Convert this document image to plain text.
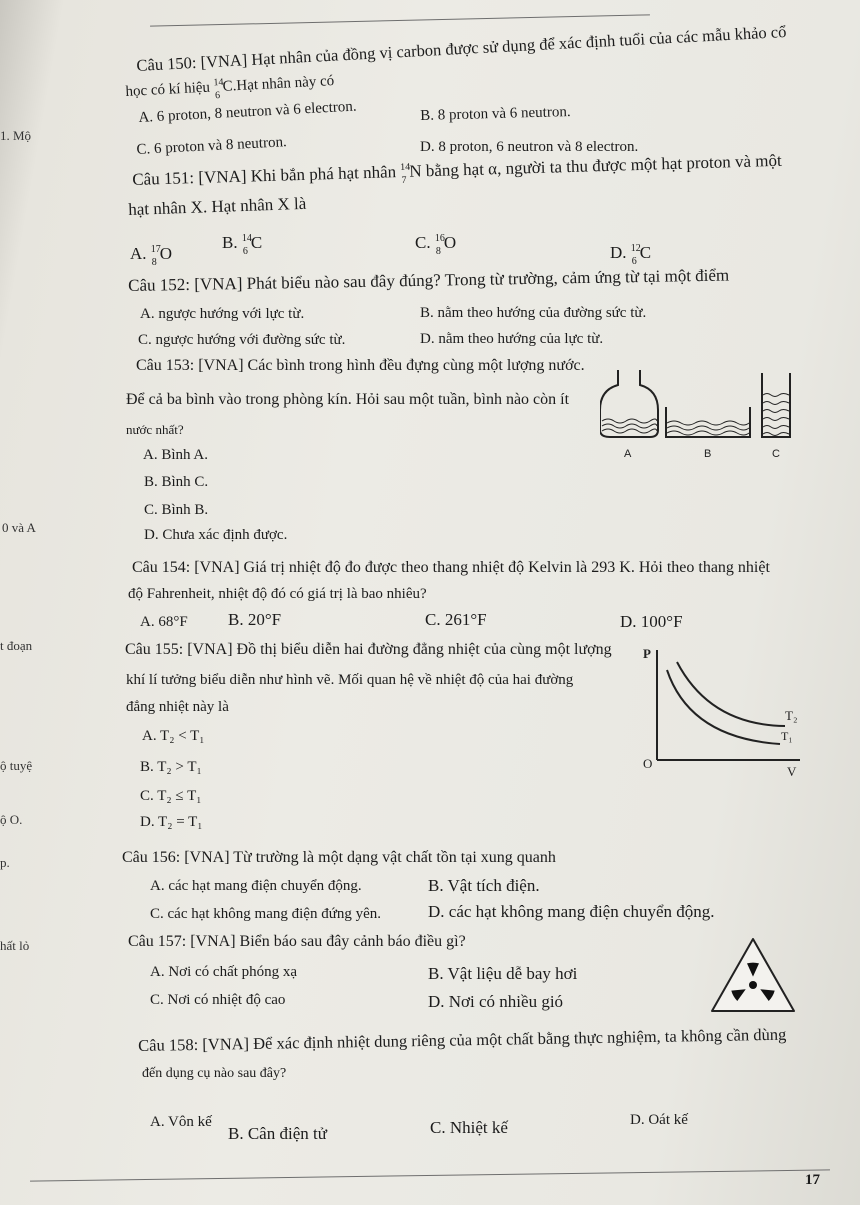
1. Mộ
0 và A
t đoạn
ộ tuyệ
ộ O.
p.
hất lỏ
Câu 150: [VNA] Hạt nhân của đồng vị carbon được sử dụng để xác định tuổi của các mẫu khảo cổ
học có kí hiệu 14
6
C.Hạt nhân này có
A. 6 proton, 8 neutron và 6 electron.	B. 8 proton và 6 neutron.
C. 6 proton và 8 neutron.	D. 8 proton, 6 neutron và 8 electron.
Câu 151: [VNA] Khi bắn phá hạt nhân 14
7 N bằng hạt α, người ta thu được một hạt proton và một
hạt nhân X. Hạt nhân X là
A. 17
8 O
B. 14
6 C	C. 16
8 O
D. 12
6 C
Câu 152: [VNA] Phát biểu nào sau đây đúng? Trong từ trường, cảm ứng từ tại một điểm
A. ngược hướng với lực từ.	B. nằm theo hướng của đường sức từ.
C. ngược hướng với đường sức từ.	D. nằm theo hướng của lực từ.
Câu 153: [VNA] Các bình trong hình đều đựng cùng một lượng nước.
Để cả ba bình vào trong phòng kín. Hỏi sau một tuần, bình nào còn ít
nước nhất?
A. Bình A.
B. Bình C.
C. Bình B.
D. Chưa xác định được.
A	B	C
Câu 154: [VNA] Giá trị nhiệt độ đo được theo thang nhiệt độ Kelvin là 293 K. Hỏi theo thang nhiệt
độ Fahrenheit, nhiệt độ đó có giá trị là bao nhiêu?
A. 68°F B. 20°F	C. 261°F	D. 100°F
Câu 155: [VNA] Đồ thị biểu diễn hai đường đẳng nhiệt của cùng một lượng
khí lí tưởng biểu diễn như hình vẽ. Mối quan hệ về nhiệt độ của hai đường
đẳng nhiệt này là
A. T₂ < T₁
B. T₂ > T₁
C. T₂ ≤ T₁
D. T₂ = T₁
P
V
O
T₂
T₁
Câu 156: [VNA] Từ trường là một dạng vật chất tồn tại xung quanh
A. các hạt mang điện chuyển động.	B. Vật tích điện.
C. các hạt không mang điện đứng yên.	D. các hạt không mang điện chuyển động.
Câu 157: [VNA] Biển báo sau đây cảnh báo điều gì?
A. Nơi có chất phóng xạ	B. Vật liệu dễ bay hơi
C. Nơi có nhiệt độ cao	D. Nơi có nhiều gió
Câu 158: [VNA] Để xác định nhiệt dung riêng của một chất bằng thực nghiệm, ta không cần dùng
đến dụng cụ nào sau đây?
A. Vôn kế
B. Cân điện tử	C. Nhiệt kế	D. Oát kế
17
